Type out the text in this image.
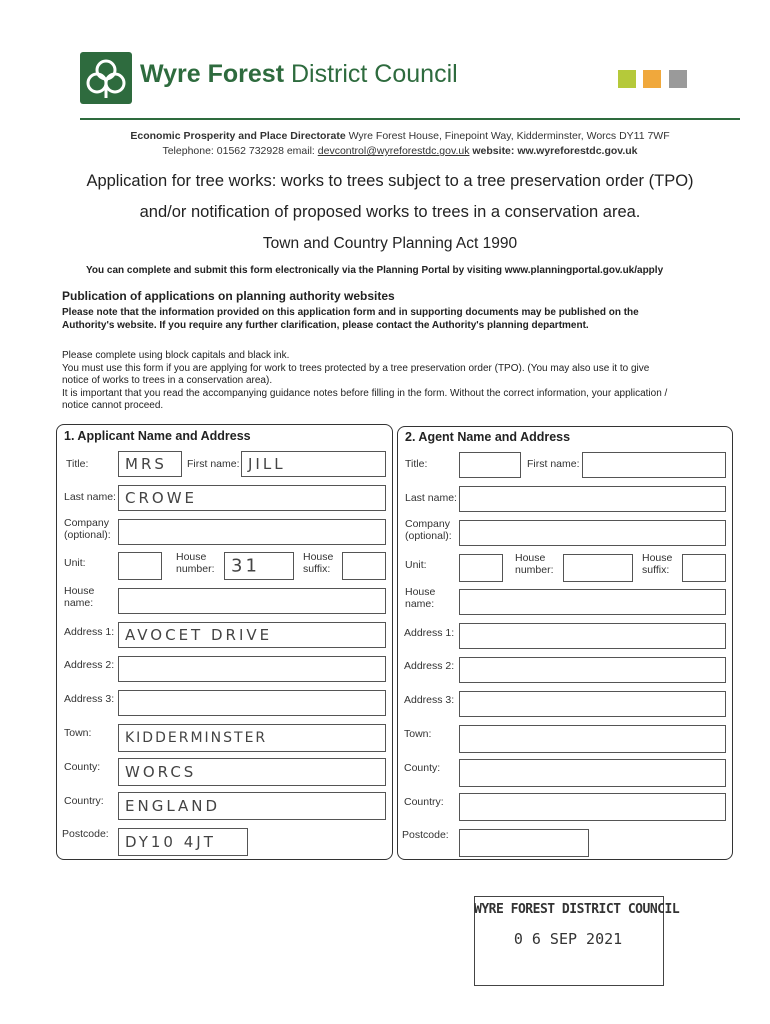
Wyre Forest District Council
Economic Prosperity and Place Directorate Wyre Forest House, Finepoint Way, Kidderminster, Worcs DY11 7WF
Telephone: 01562 732928 email: devcontrol@wyreforestdc.gov.uk website: ww.wyreforestdc.gov.uk
Application for tree works: works to trees subject to a tree preservation order (TPO)
and/or notification of proposed works to trees in a conservation area.
Town and Country Planning Act 1990
You can complete and submit this form electronically via the Planning Portal by visiting www.planningportal.gov.uk/apply
Publication of applications on planning authority websites
Please note that the information provided on this application form and in supporting documents may be published on the
Authority's website. If you require any further clarification, please contact the Authority's planning department.
Please complete using block capitals and black ink.
You must use this form if you are applying for work to trees protected by a tree preservation order (TPO). (You may also use it to give
notice of works to trees in a conservation area).
It is important that you read the accompanying guidance notes before filling in the form. Without the correct information, your application /
notice cannot proceed.
1. Applicant Name and Address
Title: MRS First name: JILL
Last name: CROWE
Company
(optional):
Unit:	House
number: 31	House
suffix:
House
name:
Address 1: AVOCET DRIVE
Address 2:
Address 3:
Town: KIDDERMINSTER
County: WORCS
Country: ENGLAND
Postcode: DY10 4JT
2. Agent Name and Address
Title:	First name:
Last name:
Company
(optional):
Unit:
House
number:
House
suffix:
House
name:
Address 1:
Address 2:
Address 3:
Town:
County:
Country:
Postcode:
WYRE FOREST DISTRICT COUNCIL
0 6 SEP 2021
